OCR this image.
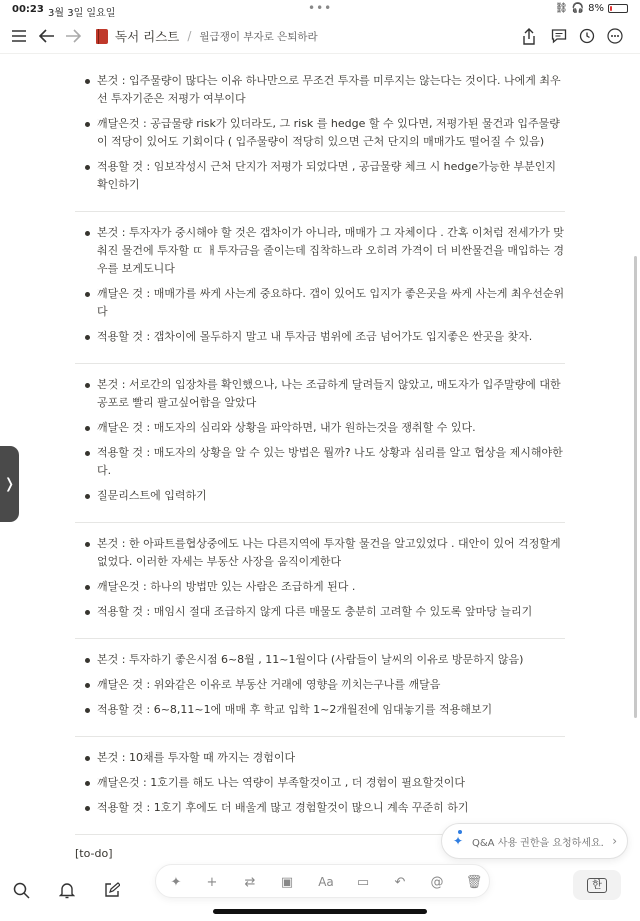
00:23 3월 3일 일요일	•••	⛓ 🎧 8%
독서 리스트 / 월급쟁이 부자로 은퇴하라
본것 : 입주물량이 많다는 이유 하나만으로 무조건 투자를 미루지는 않는다는 것이다. 나에게 최우선 투자기준은 저평가 여부이다
깨달은것 : 공급물량 risk가 있더라도, 그 risk 를 hedge 할 수 있다면, 저평가된 물건과 입주물량이 적당이 있어도 기회이다 ( 입주물량이 적당히 있으면 근처 단지의 매매가도 떨어질 수 있음)
적용할 것 : 임보작성시 근처 단지가 저평가 되었다면 , 공급물량 체크 시 hedge가능한 부분인지 확인하기
본것 : 투자자가 중시해야 할 것은 갭차이가 아니라, 매매가 그 자체이다 . 간혹 이처럼 전세가가 맞춰진 물건에 투자할 ㄸ ㅐ투자금을 줄이는데 집착하느라 오히려 가격이 더 비싼물건을 매입하는 경우를 보게도니다
깨달은 것 : 매매가를 싸게 사는게 중요하다. 갭이 있어도 입지가 좋은곳을 싸게 사는게 최우선순위다
적용할 것 : 갭차이에 몰두하지 말고 내 투자금 범위에 조금 넘어가도 입지좋은 싼곳을 찾자.
본것 : 서로간의 입장차를 확인했으나, 나는 조급하게 달려들지 않았고, 매도자가 입주말량에 대한 공포로 빨리 팔고싶어함을 알았다
깨달은 것 : 매도자의 심리와 상황을 파악하면, 내가 원하는것을 쟁취할 수 있다.
적용할 것 : 매도자의 상황을 알 수 있는 방법은 뭘까? 나도 상황과 심리를 알고 협상을 제시해야한다.
질문리스트에 입력하기
본것 : 한 아파트를협상중에도 나는 다른지역에 투자할 물건을 알고있었다 . 대안이 있어 걱정할게 없었다. 이러한 자세는 부동산 사장을 움직이게한다
깨달은것 : 하나의 방법만 있는 사람은 조급하게 된다 .
적용할 것 : 매임시 절대 조급하지 않게 다른 매물도 충분히 고려할 수 있도록 앞마당 늘리기
본것 : 투자하기 좋은시점 6~8월 , 11~1월이다 (사람들이 날씨의 이유로 방문하지 않음)
깨달은 것 : 위와같은 이유로 부동산 거래에 영향을 끼치는구나를 깨달음
적용할 것 : 6~8,11~1에 매매 후 학교 입학 1~2개월전에 임대놓기를 적용해보기
본것 : 10채를 투자할 때 까지는 경험이다
깨달은것 : 1호기를 해도 나는 역량이 부족할것이고 , 더 경험이 필요할것이다
적용할 것 : 1호기 후에도 더 배울게 많고 경험할것이 많으니 계속 꾸준히 하기
[to-do]
❭
✦ Q&A 사용 권한을 요청하세요. ›
✦	+	⇄	▣	Aa	▭	↶	@ 🗑	한
